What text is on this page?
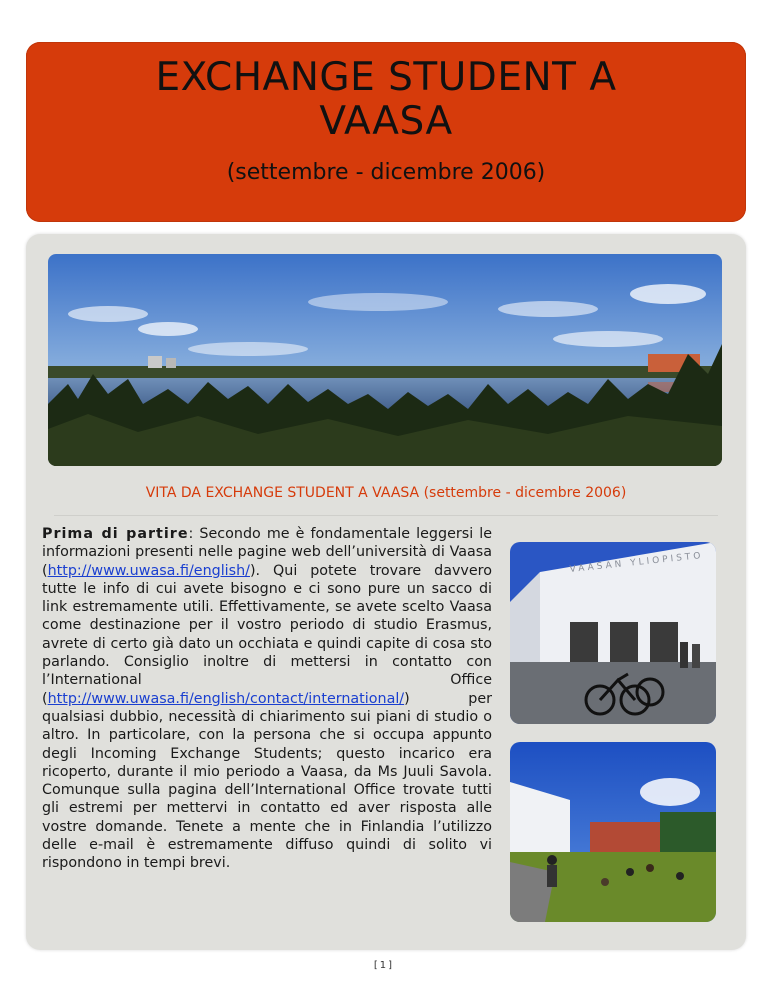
EXCHANGE STUDENT A
VAASA
(settembre - dicembre 2006)
VITA DA EXCHANGE STUDENT A VAASA (settembre - dicembre 2006)
Prima di partire: Secondo me è fondamentale leggersi le informazioni presenti nelle pagine web dell’università di Vaasa (http://www.uwasa.fi/english/). Qui potete trovare davvero tutte le info di cui avete bisogno e ci sono pure un sacco di link estremamente utili. Effettivamente, se avete scelto Vaasa come destinazione per il vostro periodo di studio Erasmus, avrete di certo già dato un occhiata e quindi capite di cosa sto parlando. Consiglio inoltre di mettersi in contatto con l’International Office (http://www.uwasa.fi/english/contact/international/) per qualsiasi dubbio, necessità di chiarimento sui piani di studio o altro. In particolare, con la persona che si occupa appunto degli Incoming Exchange Students; questo incarico era ricoperto, durante il mio periodo a Vaasa, da Ms Juuli Savola. Comunque sulla pagina dell’International Office trovate tutti gli estremi per mettervi in contatto ed aver risposta alle vostre domande. Tenete a mente che in Finlandia l’utilizzo delle e-mail è estremamente diffuso quindi di solito vi rispondono in tempi brevi.
VAASAN YLIOPISTO
[1]
